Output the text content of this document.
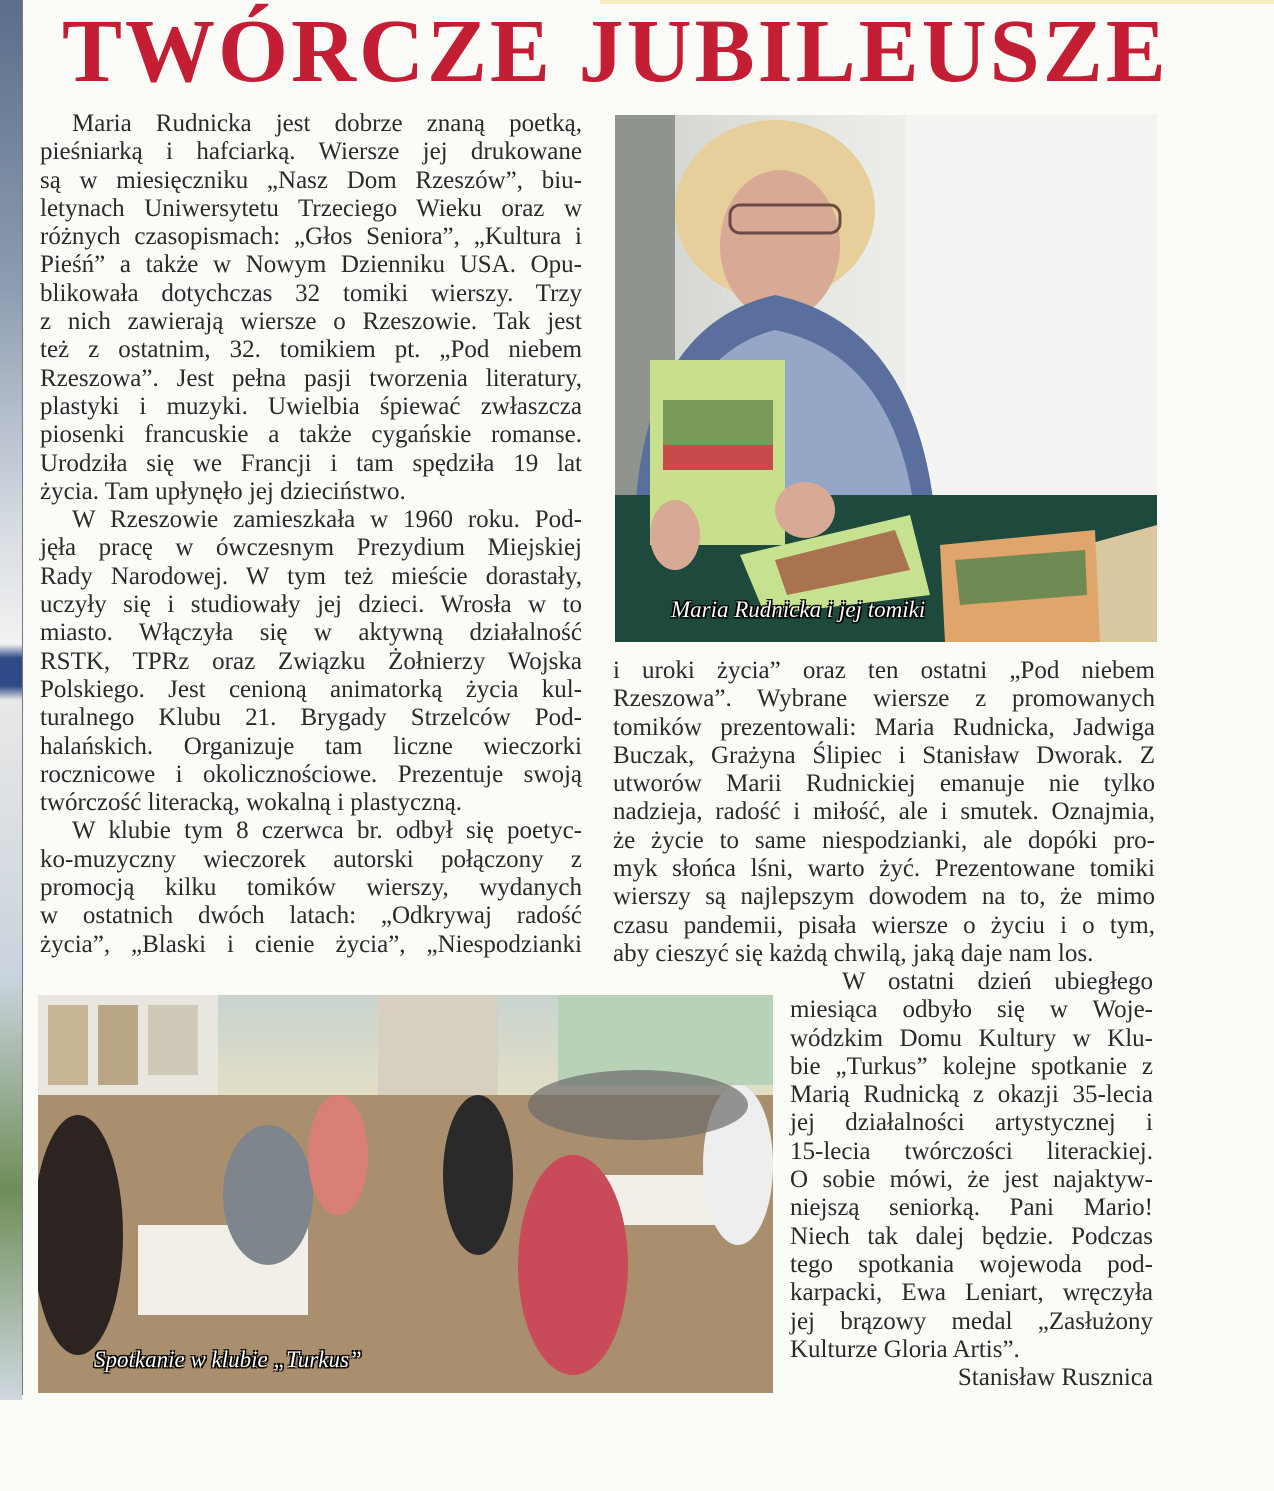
TWÓRCZE JUBILEUSZE
Maria Rudnicka jest dobrze znaną poetką,
pieśniarką i hafciarką. Wiersze jej drukowane
są w miesięczniku „Nasz Dom Rzeszów”, biu-
letynach Uniwersytetu Trzeciego Wieku oraz w
różnych czasopismach: „Głos Seniora”, „Kultura i
Pieśń” a także w Nowym Dzienniku USA. Opu-
blikowała dotychczas 32 tomiki wierszy. Trzy
z nich zawierają wiersze o Rzeszowie. Tak jest
też z ostatnim, 32. tomikiem pt. „Pod niebem
Rzeszowa”. Jest pełna pasji tworzenia literatury,
plastyki i muzyki. Uwielbia śpiewać zwłaszcza
piosenki francuskie a także cygańskie romanse.
Urodziła się we Francji i tam spędziła 19 lat
życia. Tam upłynęło jej dzieciństwo.
W Rzeszowie zamieszkała w 1960 roku. Pod-
jęła pracę w ówczesnym Prezydium Miejskiej
Rady Narodowej. W tym też mieście dorastały,
uczyły się i studiowały jej dzieci. Wrosła w to
miasto. Włączyła się w aktywną działalność
RSTK, TPRz oraz Związku Żołnierzy Wojska
Polskiego. Jest cenioną animatorką życia kul-
turalnego Klubu 21. Brygady Strzelców Pod-
halańskich. Organizuje tam liczne wieczorki
rocznicowe i okolicznościowe. Prezentuje swoją
twórczość literacką, wokalną i plastyczną.
W klubie tym 8 czerwca br. odbył się poetyc-
ko-muzyczny wieczorek autorski połączony z
promocją kilku tomików wierszy, wydanych
w ostatnich dwóch latach: „Odkrywaj radość
życia”, „Blaski i cienie życia”, „Niespodzianki
Maria Rudnicka i jej tomiki
i uroki życia” oraz ten ostatni „Pod niebem
Rzeszowa”. Wybrane wiersze z promowanych
tomików prezentowali: Maria Rudnicka, Jadwiga
Buczak, Grażyna Ślipiec i Stanisław Dworak. Z
utworów Marii Rudnickiej emanuje nie tylko
nadzieja, radość i miłość, ale i smutek. Oznajmia,
że życie to same niespodzianki, ale dopóki pro-
myk słońca lśni, warto żyć. Prezentowane tomiki
wierszy są najlepszym dowodem na to, że mimo
czasu pandemii, pisała wiersze o życiu i o tym,
aby cieszyć się każdą chwilą, jaką daje nam los.
Spotkanie w klubie „Turkus”
W ostatni dzień ubiegłego
miesiąca odbyło się w Woje-
wódzkim Domu Kultury w Klu-
bie „Turkus” kolejne spotkanie z
Marią Rudnicką z okazji 35-lecia
jej działalności artystycznej i
15-lecia twórczości literackiej.
O sobie mówi, że jest najaktyw-
niejszą seniorką. Pani Mario!
Niech tak dalej będzie. Podczas
tego spotkania wojewoda pod-
karpacki, Ewa Leniart, wręczyła
jej brązowy medal „Zasłużony
Kulturze Gloria Artis”.
Stanisław Rusznica
